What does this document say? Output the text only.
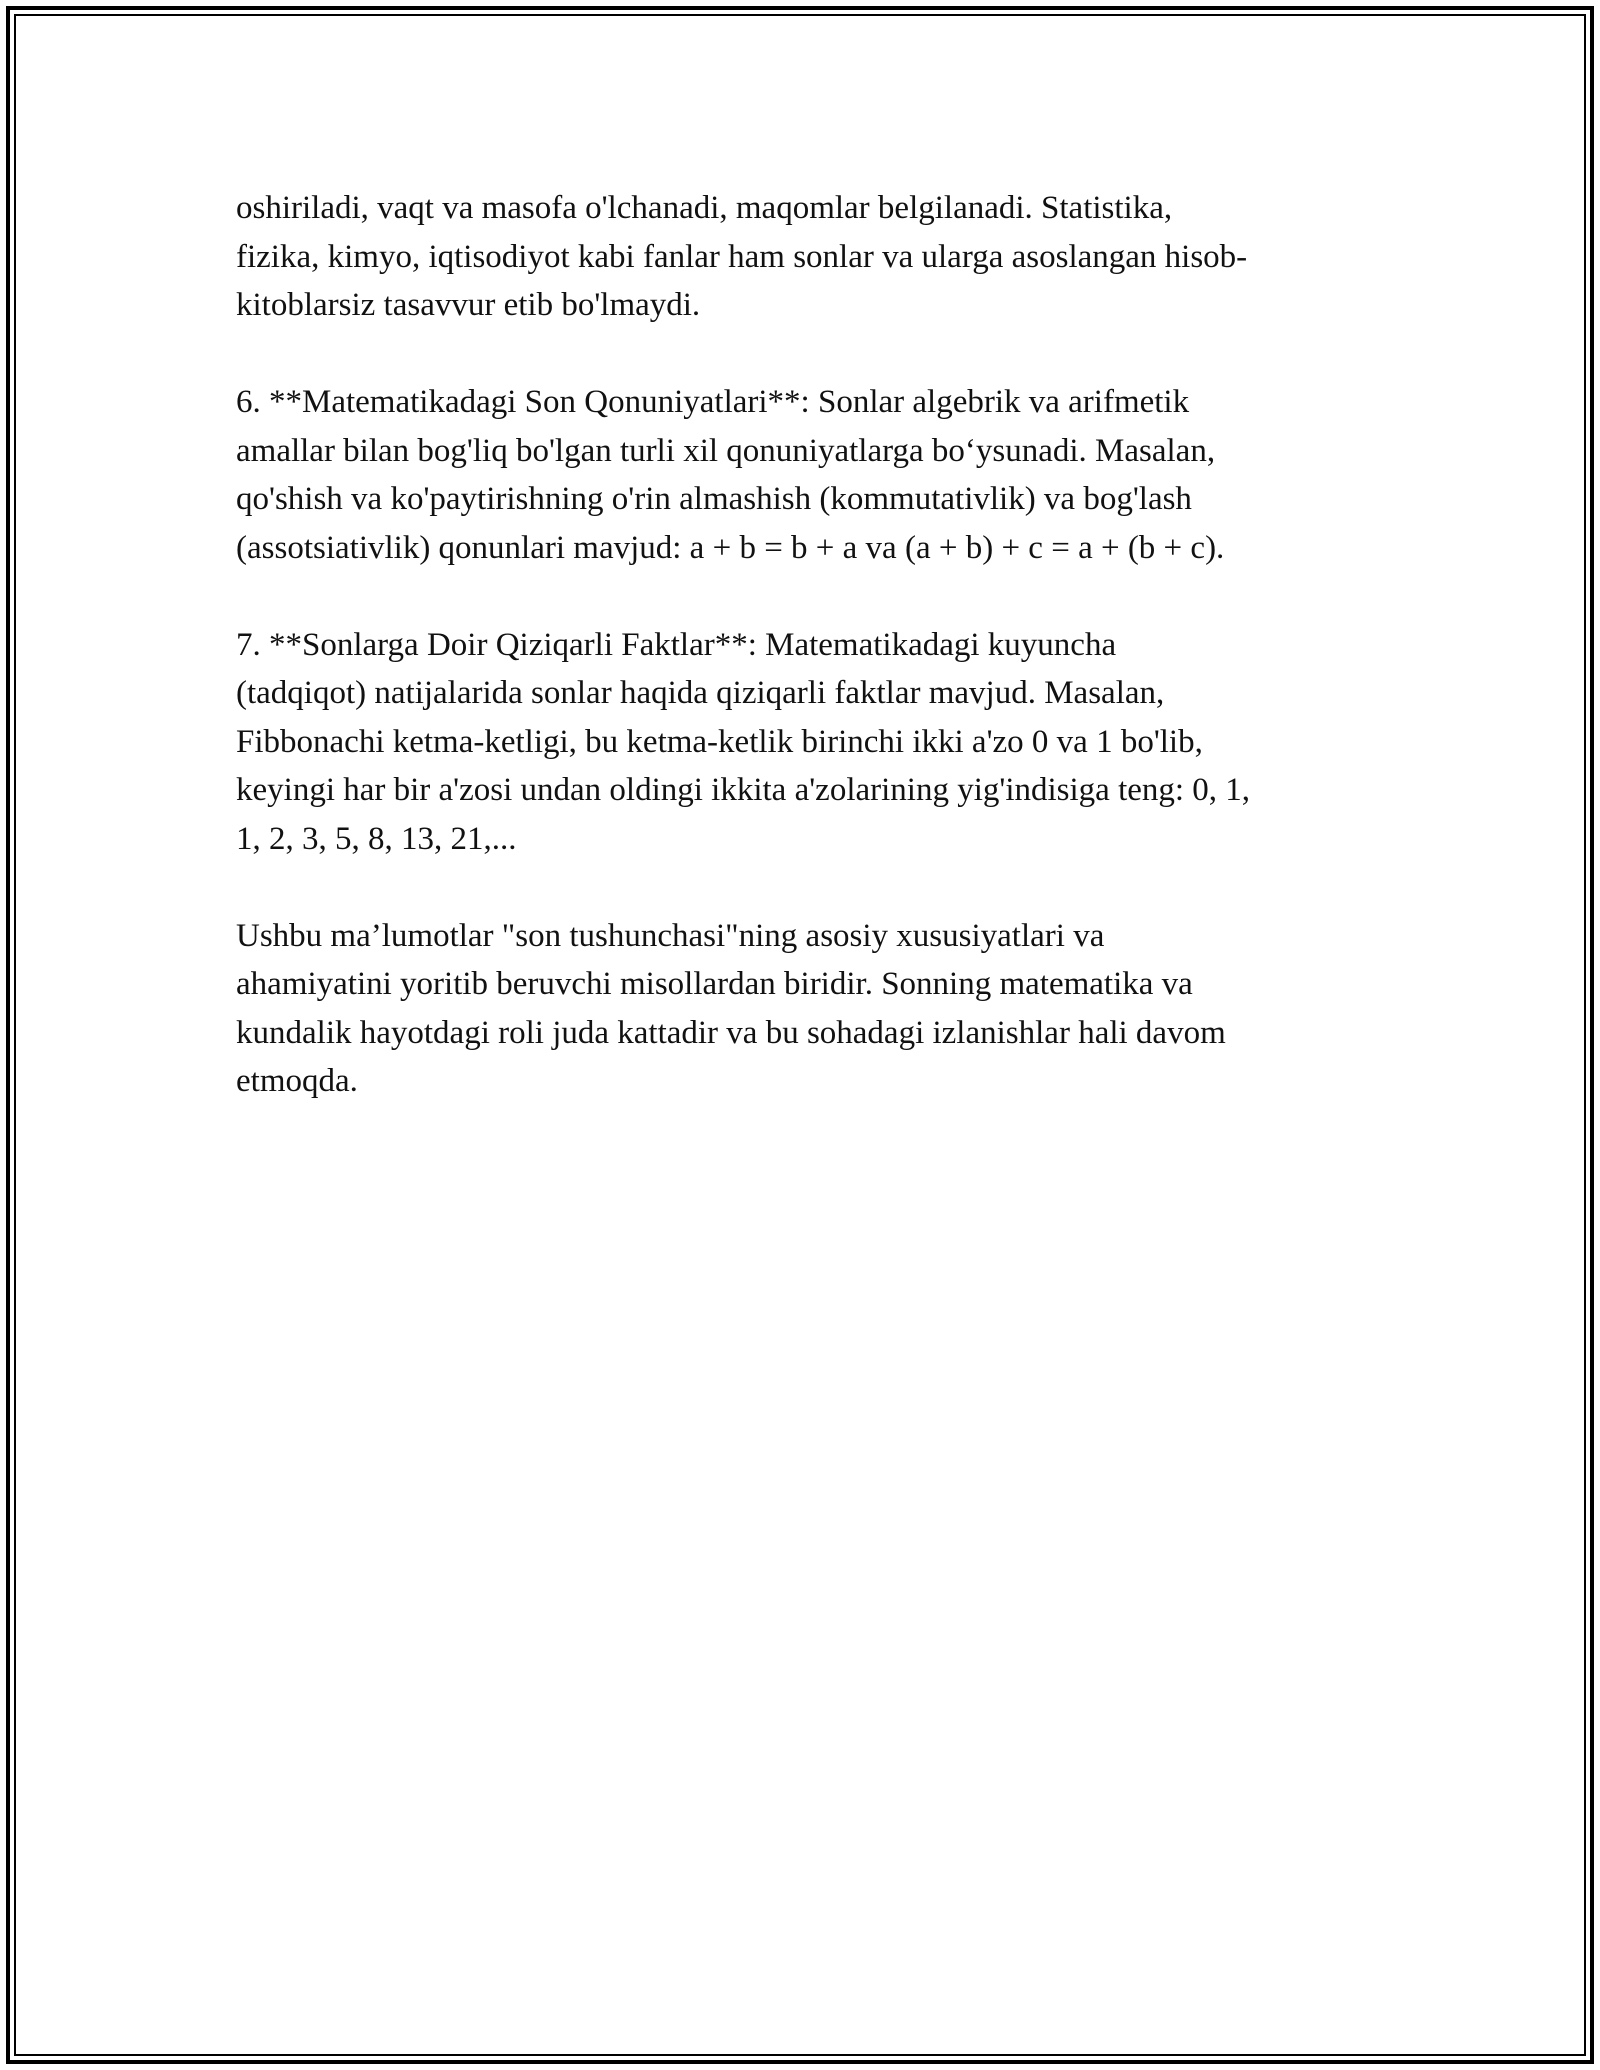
oshiriladi, vaqt va masofa o'lchanadi, maqomlar belgilanadi. Statistika,
fizika, kimyo, iqtisodiyot kabi fanlar ham sonlar va ularga asoslangan hisob-
kitoblarsiz tasavvur etib bo'lmaydi.

6. **Matematikadagi Son Qonuniyatlari**: Sonlar algebrik va arifmetik
amallar bilan bog'liq bo'lgan turli xil qonuniyatlarga bo‘ysunadi. Masalan,
qo'shish va ko'paytirishning o'rin almashish (kommutativlik) va bog'lash
(assotsiativlik) qonunlari mavjud: a + b = b + a va (a + b) + c = a + (b + c).

7. **Sonlarga Doir Qiziqarli Faktlar**: Matematikadagi kuyuncha
(tadqiqot) natijalarida sonlar haqida qiziqarli faktlar mavjud. Masalan,
Fibbonachi ketma-ketligi, bu ketma-ketlik birinchi ikki a'zo 0 va 1 bo'lib,
keyingi har bir a'zosi undan oldingi ikkita a'zolarining yig'indisiga teng: 0, 1,
1, 2, 3, 5, 8, 13, 21,...

Ushbu ma’lumotlar "son tushunchasi"ning asosiy xususiyatlari va
ahamiyatini yoritib beruvchi misollardan biridir. Sonning matematika va
kundalik hayotdagi roli juda kattadir va bu sohadagi izlanishlar hali davom
etmoqda.
